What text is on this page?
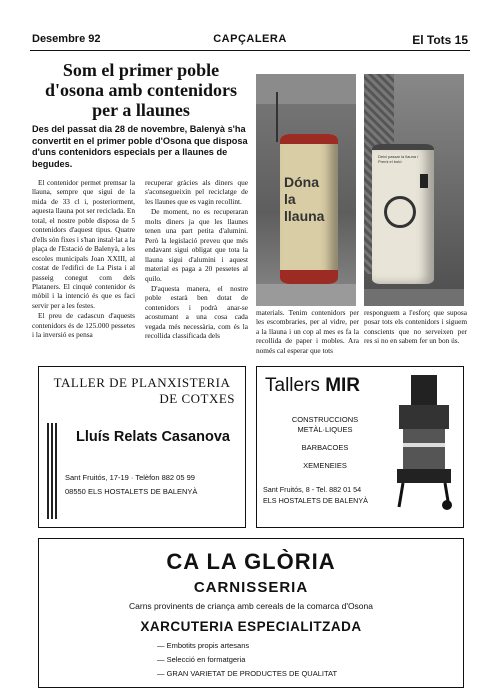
Desembre 92	CAPÇALERA	El Tots 15
Som el primer poble d'osona amb contenidors per a llaunes
Des del passat dia 28 de novembre, Balenyà s'ha convertit en el primer poble d'Osona que disposa d'uns contenidors especials per a llaunes de begudes.

El contenidor permet premsar la llauna, sempre que sigui de la mida de 33 cl i, posteriorment, aquesta llauna pot ser reciclada. En total, el nostre poble disposa de 5 contenidors d'aquest tipus. Quatre d'ells són fixes i s'han instal·lat a la plaça de l'Estació de Balenyà, a les escoles municipals Joan XXIII, al costat de l'edifici de La Pista i al passeig conegut com dels Plataners. El cinquè contenidor és mòbil i la intenció és que es faci servir per a les festes.

El preu de cadascun d'aquests contenidors és de 125.000 pessetes i la inversió es pensa

recuperar gràcies als diners que s'aconsegueixin pel reciclatge de les llaunes que es vagin recollint.

De moment, no es recuperaran molts diners ja que les llaunes tenen una part petita d'alumini. Però la legislació preveu que més endavant sigui obligat que tota la llauna sigui d'alumini i aquest material es paga a 20 pessetes al quilo.

D'aquesta manera, el nostre poble estarà ben dotat de contenidors i podrà anar-se acostumant a una cosa cada vegada més necessària, com és la recollida classificada dels

materials. Tenim contenidors per les escombraries, per al vidre, per a la llauna i un cop al mes es fa la recollida de paper i mobles. Ara només cal esperar que tots

responguem a l'esforç que suposa posar tots els contenidors i siguem conscients que no serveixen per res si no en sabem fer un bon ús.

Dóna la llauna
Deixi passar la llauna / Premi el botó
TALLER DE PLANXISTERIA
DE COTXES
Lluís Relats Casanova
Sant Fruitós, 17-19 · Telèfon 882 05 99
08550 ELS HOSTALETS DE BALENYÀ
Tallers MIR
CONSTRUCCIONS METÀL·LIQUES
BARBACOES
XEMENEIES
Sant Fruitós, 8 - Tel. 882 01 54
ELS HOSTALETS DE BALENYÀ
CA LA GLÒRIA
CARNISSERIA
Carns provinents de criança amb cereals de la comarca d'Osona
XARCUTERIA ESPECIALITZADA
— Embotits propis artesans
— Selecció en formatgeria
— GRAN VARIETAT DE PRODUCTES DE QUALITAT
